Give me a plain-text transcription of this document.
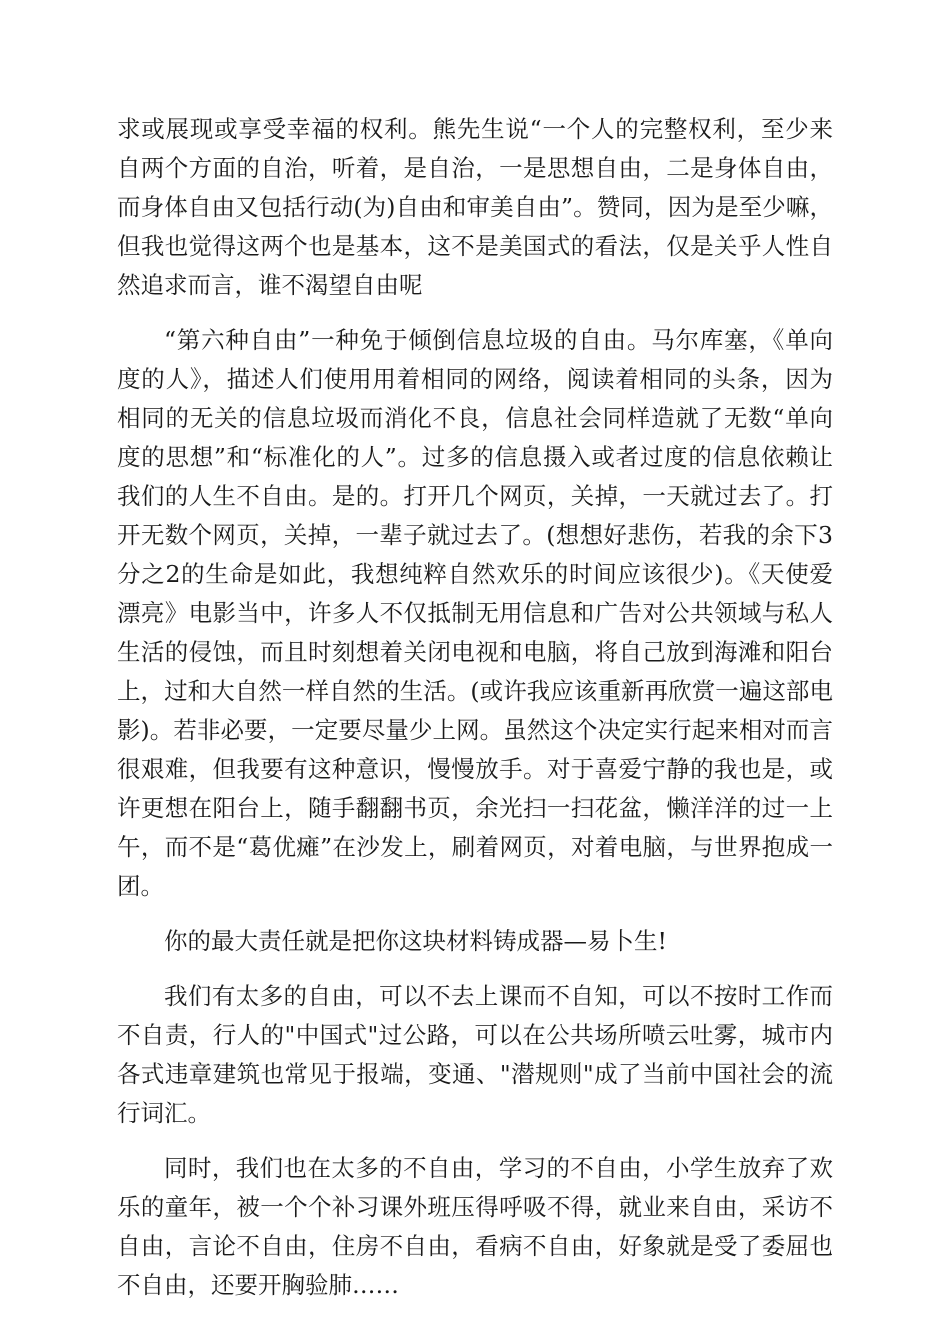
求或展现或享受幸福的权利。熊先生说“一个人的完整权利，至少来自两个方面的自治，听着，是自治，一是思想自由，二是身体自由，而身体自由又包括行动(为)自由和审美自由”。赞同，因为是至少嘛，但我也觉得这两个也是基本，这不是美国式的看法，仅是关乎人性自然追求而言，谁不渴望自由呢

“第六种自由”一种免于倾倒信息垃圾的自由。马尔库塞，《单向度的人》，描述人们使用用着相同的网络，阅读着相同的头条，因为相同的无关的信息垃圾而消化不良，信息社会同样造就了无数“单向度的思想”和“标准化的人”。过多的信息摄入或者过度的信息依赖让我们的人生不自由。是的。打开几个网页，关掉，一天就过去了。打开无数个网页，关掉，一辈子就过去了。(想想好悲伤，若我的余下3分之2的生命是如此，我想纯粹自然欢乐的时间应该很少)。《天使爱漂亮》电影当中，许多人不仅抵制无用信息和广告对公共领域与私人生活的侵蚀，而且时刻想着关闭电视和电脑，将自己放到海滩和阳台上，过和大自然一样自然的生活。(或许我应该重新再欣赏一遍这部电影)。若非必要，一定要尽量少上网。虽然这个决定实行起来相对而言很艰难，但我要有这种意识，慢慢放手。对于喜爱宁静的我也是，或许更想在阳台上，随手翻翻书页，余光扫一扫花盆，懒洋洋的过一上午，而不是“葛优瘫”在沙发上，刷着网页，对着电脑，与世界抱成一团。

你的最大责任就是把你这块材料铸成器—易卜生!

我们有太多的自由，可以不去上课而不自知，可以不按时工作而不自责，行人的"中国式"过公路，可以在公共场所喷云吐雾，城市内各式违章建筑也常见于报端，变通、"潜规则"成了当前中国社会的流行词汇。

同时，我们也在太多的不自由，学习的不自由，小学生放弃了欢乐的童年，被一个个补习课外班压得呼吸不得，就业来自由，采访不自由，言论不自由，住房不自由，看病不自由，好象就是受了委屈也不自由，还要开胸验肺……
